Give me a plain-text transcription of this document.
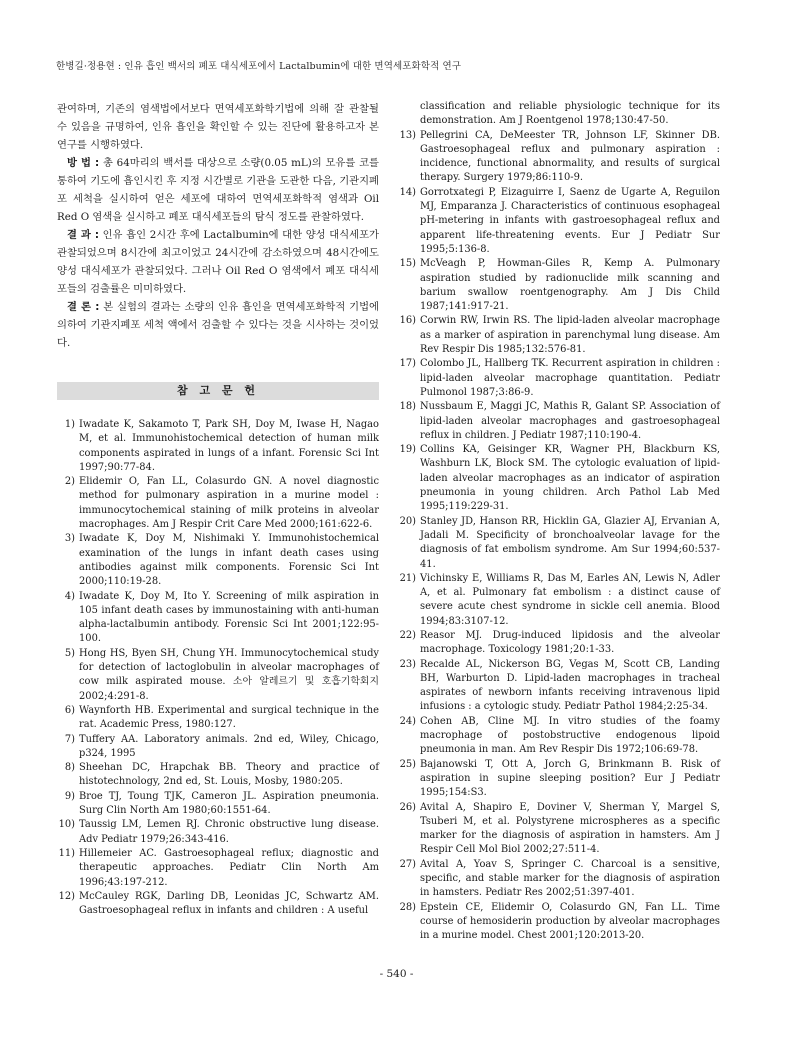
한병길·정용현 : 인유 흡인 백서의 폐포 대식세포에서 Lactalbumin에 대한 면역세포화학적 연구

관여하며, 기존의 염색법에서보다 면역세포화학기법에 의해 잘 관찰될 수 있음을 규명하여, 인유 흡인을 확인할 수 있는 진단에 활용하고자 본 연구를 시행하였다.

방 법 : 총 64마리의 백서를 대상으로 소량(0.05 mL)의 모유를 코를 통하여 기도에 흡인시킨 후 지정 시간별로 기관을 도관한 다음, 기관지폐포 세척을 실시하여 얻은 세포에 대하여 면역세포화학적 염색과 Oil Red O 염색을 실시하고 폐포 대식세포들의 탐식 정도를 관찰하였다.

결 과 : 인유 흡인 2시간 후에 Lactalbumin에 대한 양성 대식세포가 관찰되었으며 8시간에 최고이었고 24시간에 감소하였으며 48시간에도 양성 대식세포가 관찰되었다. 그러나 Oil Red O 염색에서 폐포 대식세포들의 검출률은 미미하였다.

결 론 : 본 실험의 결과는 소량의 인유 흡인을 면역세포화학적 기법에 의하여 기관지폐포 세척 액에서 검출할 수 있다는 것을 시사하는 것이었다.

참 고 문 헌
1) Iwadate K, Sakamoto T, Park SH, Doy M, Iwase H, Nagao M, et al. Immunohistochemical detection of human milk components aspirated in lungs of a infant. Forensic Sci Int 1997;90:77-84.
2) Elidemir O, Fan LL, Colasurdo GN. A novel diagnostic method for pulmonary aspiration in a murine model : immunocytochemical staining of milk proteins in alveolar macrophages. Am J Respir Crit Care Med 2000;161:622-6.
3) Iwadate K, Doy M, Nishimaki Y. Immunohistochemical examination of the lungs in infant death cases using antibodies against milk components. Forensic Sci Int 2000;110:19-28.
4) Iwadate K, Doy M, Ito Y. Screening of milk aspiration in 105 infant death cases by immunostaining with anti-human alpha-lactalbumin antibody. Forensic Sci Int 2001;122:95-100.
5) Hong HS, Byen SH, Chung YH. Immunocytochemical study for detection of lactoglobulin in alveolar macrophages of cow milk aspirated mouse. 소아 알레르기 및 호흡기학회지 2002;4:291-8.
6) Waynforth HB. Experimental and surgical technique in the rat. Academic Press, 1980:127.
7) Tuffery AA. Laboratory animals. 2nd ed, Wiley, Chicago, p324, 1995
8) Sheehan DC, Hrapchak BB. Theory and practice of histotechnology, 2nd ed, St. Louis, Mosby, 1980:205.
9) Broe TJ, Toung TJK, Cameron JL. Aspiration pneumonia. Surg Clin North Am 1980;60:1551-64.
10) Taussig LM, Lemen RJ. Chronic obstructive lung disease. Adv Pediatr 1979;26:343-416.
11) Hillemeier AC. Gastroesophageal reflux; diagnostic and therapeutic approaches. Pediatr Clin North Am 1996;43:197-212.
12) McCauley RGK, Darling DB, Leonidas JC, Schwartz AM. Gastroesophageal reflux in infants and children : A useful
classification and reliable physiologic technique for its demonstration. Am J Roentgenol 1978;130:47-50.
13) Pellegrini CA, DeMeester TR, Johnson LF, Skinner DB. Gastroesophageal reflux and pulmonary aspiration : incidence, functional abnormality, and results of surgical therapy. Surgery 1979;86:110-9.
14) Gorrotxategi P, Eizaguirre I, Saenz de Ugarte A, Reguilon MJ, Emparanza J. Characteristics of continuous esophageal pH-metering in infants with gastroesophageal reflux and apparent life-threatening events. Eur J Pediatr Sur 1995;5:136-8.
15) McVeagh P, Howman-Giles R, Kemp A. Pulmonary aspiration studied by radionuclide milk scanning and barium swallow roentgenography. Am J Dis Child 1987;141:917-21.
16) Corwin RW, Irwin RS. The lipid-laden alveolar macrophage as a marker of aspiration in parenchymal lung disease. Am Rev Respir Dis 1985;132:576-81.
17) Colombo JL, Hallberg TK. Recurrent aspiration in children : lipid-laden alveolar macrophage quantitation. Pediatr Pulmonol 1987;3:86-9.
18) Nussbaum E, Maggi JC, Mathis R, Galant SP. Association of lipid-laden alveolar macrophages and gastroesophageal reflux in children. J Pediatr 1987;110:190-4.
19) Collins KA, Geisinger KR, Wagner PH, Blackburn KS, Washburn LK, Block SM. The cytologic evaluation of lipid-laden alveolar macrophages as an indicator of aspiration pneumonia in young children. Arch Pathol Lab Med 1995;119:229-31.
20) Stanley JD, Hanson RR, Hicklin GA, Glazier AJ, Ervanian A, Jadali M. Specificity of bronchoalveolar lavage for the diagnosis of fat embolism syndrome. Am Sur 1994;60:537-41.
21) Vichinsky E, Williams R, Das M, Earles AN, Lewis N, Adler A, et al. Pulmonary fat embolism : a distinct cause of severe acute chest syndrome in sickle cell anemia. Blood 1994;83:3107-12.
22) Reasor MJ. Drug-induced lipidosis and the alveolar macrophage. Toxicology 1981;20:1-33.
23) Recalde AL, Nickerson BG, Vegas M, Scott CB, Landing BH, Warburton D. Lipid-laden macrophages in tracheal aspirates of newborn infants receiving intravenous lipid infusions : a cytologic study. Pediatr Pathol 1984;2:25-34.
24) Cohen AB, Cline MJ. In vitro studies of the foamy macrophage of postobstructive endogenous lipoid pneumonia in man. Am Rev Respir Dis 1972;106:69-78.
25) Bajanowski T, Ott A, Jorch G, Brinkmann B. Risk of aspiration in supine sleeping position? Eur J Pediatr 1995;154:S3.
26) Avital A, Shapiro E, Doviner V, Sherman Y, Margel S, Tsuberi M, et al. Polystyrene microspheres as a specific marker for the diagnosis of aspiration in hamsters. Am J Respir Cell Mol Biol 2002;27:511-4.
27) Avital A, Yoav S, Springer C. Charcoal is a sensitive, specific, and stable marker for the diagnosis of aspiration in hamsters. Pediatr Res 2002;51:397-401.
28) Epstein CE, Elidemir O, Colasurdo GN, Fan LL. Time course of hemosiderin production by alveolar macrophages in a murine model. Chest 2001;120:2013-20.
- 540 -
